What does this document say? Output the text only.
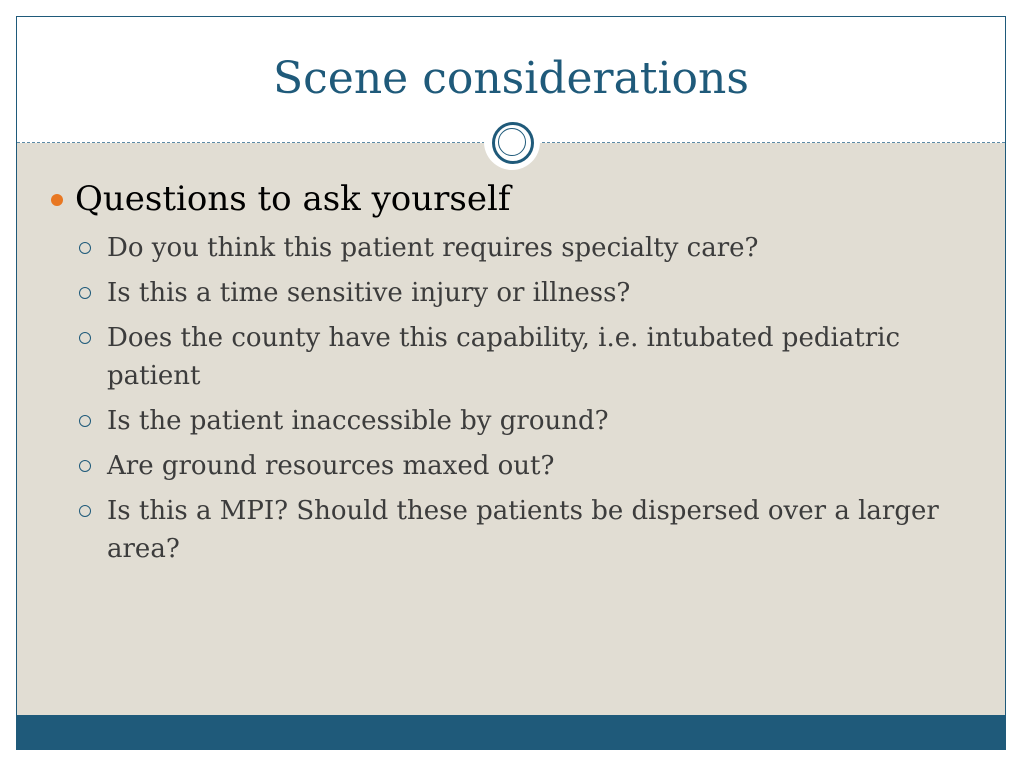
Scene considerations
Questions to ask yourself
Do you think this patient requires specialty care?
Is this a time sensitive injury or illness?
Does the county have this capability, i.e. intubated pediatric patient
Is the patient inaccessible by ground?
Are ground resources maxed out?
Is this a MPI? Should these patients be dispersed over a larger area?
